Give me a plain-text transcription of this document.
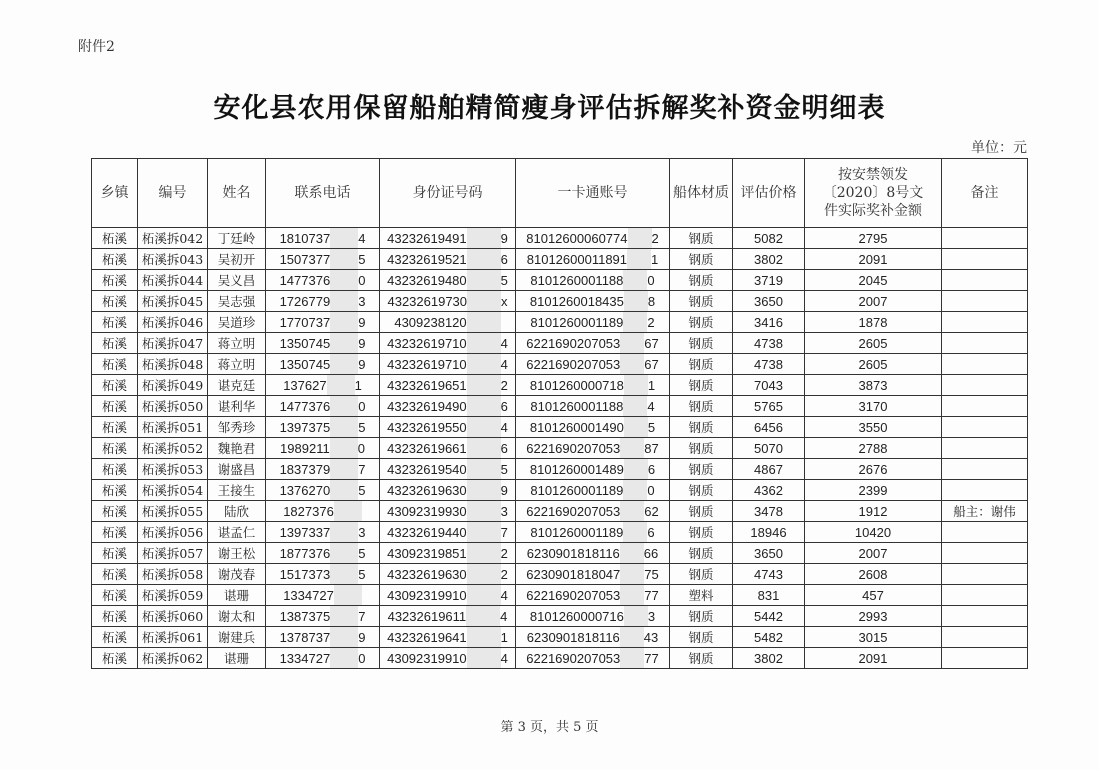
附件2
安化县农用保留船舶精简瘦身评估拆解奖补资金明细表
单位：元
乡镇	编号	姓名	联系电话	身份证号码	一卡通账号	船体材质	评估价格	按安禁领发〔2020〕8号文件实际奖补金额	备注
柘溪	柘溪拆042	丁廷岭	1810737 4	43232619491 9	81012600060774 2	钢质	5082	2795	
柘溪	柘溪拆043	吴初开	1507377 5	43232619521 6	81012600011891 1	钢质	3802	2091	
柘溪	柘溪拆044	吴义昌	1477376 0	43232619480 5	8101260001188 0	钢质	3719	2045	
柘溪	柘溪拆045	吴志强	1726779 3	43232619730 x	8101260018435 8	钢质	3650	2007	
柘溪	柘溪拆046	吴道珍	1770737 9	4309238120	8101260001189 2	钢质	3416	1878	
柘溪	柘溪拆047	蒋立明	1350745 9	43232619710 4	6221690207053 67	钢质	4738	2605	
柘溪	柘溪拆048	蒋立明	1350745 9	43232619710 4	6221690207053 67	钢质	4738	2605	
柘溪	柘溪拆049	谌克廷	137627 1	43232619651 2	8101260000718 1	钢质	7043	3873	
柘溪	柘溪拆050	谌利华	1477376 0	43232619490 6	8101260001188 4	钢质	5765	3170	
柘溪	柘溪拆051	邹秀珍	1397375 5	43232619550 4	8101260001490 5	钢质	6456	3550	
柘溪	柘溪拆052	魏艳君	1989211 0	43232619661 6	6221690207053 87	钢质	5070	2788	
柘溪	柘溪拆053	谢盛昌	1837379 7	43232619540 5	8101260001489 6	钢质	4867	2676	
柘溪	柘溪拆054	王接生	1376270 5	43232619630 9	8101260001189 0	钢质	4362	2399	
柘溪	柘溪拆055	陆欣	1827376	43092319930 3	6221690207053 62	钢质	3478	1912	船主：谢伟
柘溪	柘溪拆056	谌孟仁	1397337 3	43232619440 7	8101260001189 6	钢质	18946	10420	
柘溪	柘溪拆057	谢王松	1877376 5	43092319851 2	6230901818116 66	钢质	3650	2007	
柘溪	柘溪拆058	谢茂春	1517373 5	43232619630 2	6230901818047 75	钢质	4743	2608	
柘溪	柘溪拆059	谌珊	1334727	43092319910 4	6221690207053 77	塑料	831	457	
柘溪	柘溪拆060	谢太和	1387375 7	43232619611 4	8101260000716 3	钢质	5442	2993	
柘溪	柘溪拆061	谢建兵	1378737 9	43232619641 1	6230901818116 43	钢质	5482	3015	
柘溪	柘溪拆062	谌珊	1334727 0	43092319910 4	6221690207053 77	钢质	3802	2091	
第 3 页，共 5 页
